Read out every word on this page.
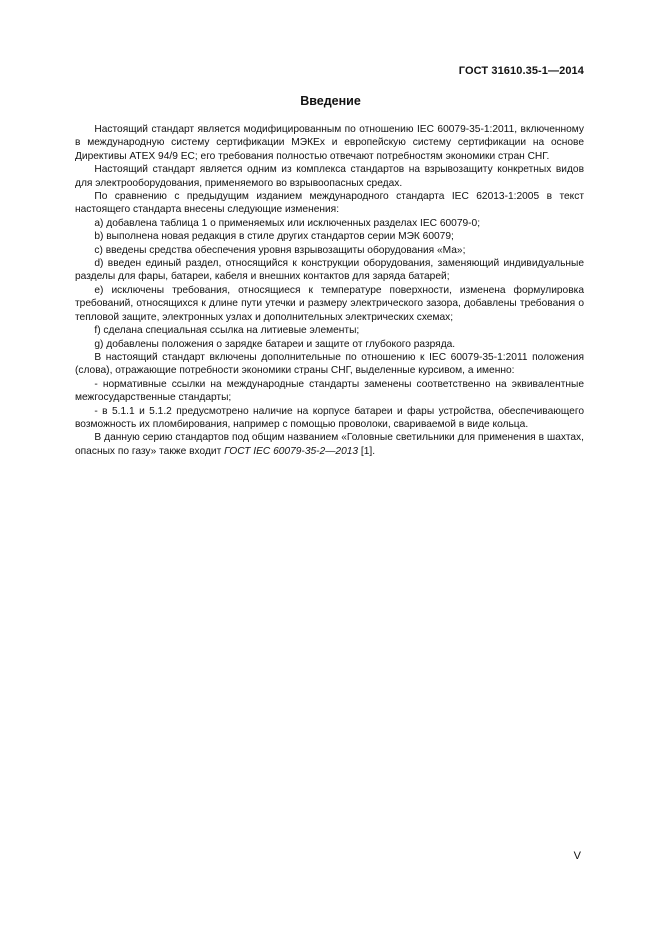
ГОСТ 31610.35-1—2014
Введение

Настоящий стандарт является модифицированным по отношению IEC 60079-35-1:2011, включенному в международную систему сертификации МЭКEх и европейскую систему сертификации на основе Директивы АТЕХ 94/9 ЕС; его требования полностью отвечают потребностям экономики стран СНГ.

Настоящий стандарт является одним из комплекса стандартов на взрывозащиту конкретных видов для электрооборудования, применяемого во взрывоопасных средах.

По сравнению с предыдущим изданием международного стандарта IEC 62013-1:2005 в текст настоящего стандарта внесены следующие изменения:

a) добавлена таблица 1 о применяемых или исключенных разделах IEC 60079-0;

b) выполнена новая редакция в стиле других стандартов серии МЭК 60079;

c) введены средства обеспечения уровня взрывозащиты оборудования «Ма»;

d) введен единый раздел, относящийся к конструкции оборудования, заменяющий индивидуальные разделы для фары, батареи, кабеля и внешних контактов для заряда батарей;

e) исключены требования, относящиеся к температуре поверхности, изменена формулировка требований, относящихся к длине пути утечки и размеру электрического зазора, добавлены требования о тепловой защите, электронных узлах и дополнительных электрических схемах;

f) сделана специальная ссылка на литиевые элементы;

g) добавлены положения о зарядке батареи и защите от глубокого разряда.

В настоящий стандарт включены дополнительные по отношению к IEC 60079-35-1:2011 положения (слова), отражающие потребности экономики страны СНГ, выделенные курсивом, а именно:

- нормативные ссылки на международные стандарты заменены соответственно на эквивалентные межгосударственные стандарты;

- в 5.1.1 и 5.1.2 предусмотрено наличие на корпусе батареи и фары устройства, обеспечивающего возможность их пломбирования, например с помощью проволоки, свариваемой в виде кольца.

В данную серию стандартов под общим названием «Головные светильники для применения в шахтах, опасных по газу» также входит ГОСТ IEC 60079-35-2—2013 [1].

V
